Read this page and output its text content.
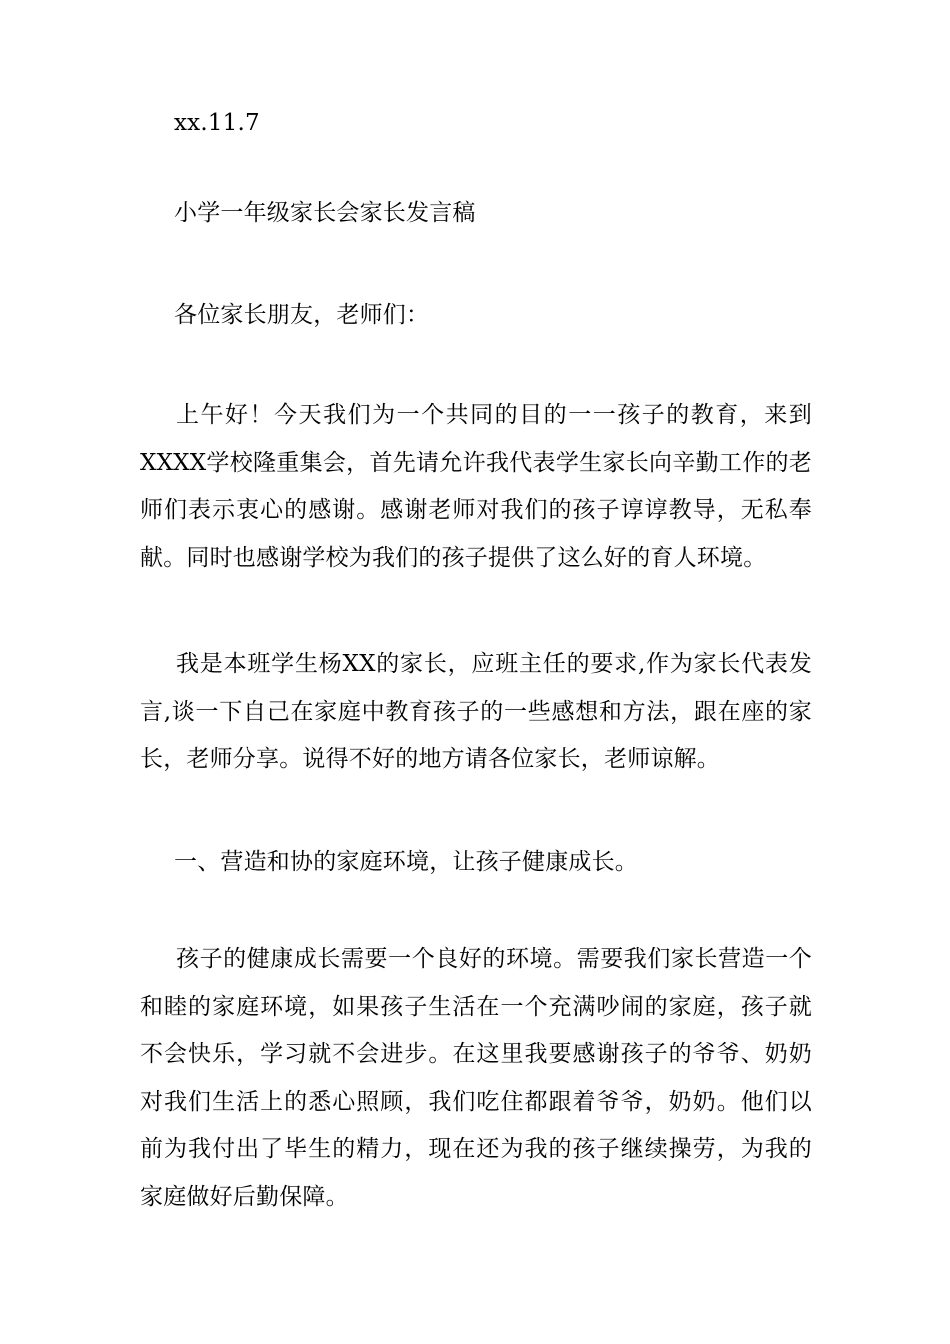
xx.11.7
小学一年级家长会家长发言稿
各位家长朋友，老师们：
上午好！今天我们为一个共同的目的一一孩子的教育，来到XXXX学校隆重集会，首先请允许我代表学生家长向辛勤工作的老师们表示衷心的感谢。感谢老师对我们的孩子谆谆教导，无私奉献。同时也感谢学校为我们的孩子提供了这么好的育人环境。
我是本班学生杨XX的家长，应班主任的要求,作为家长代表发言,谈一下自己在家庭中教育孩子的一些感想和方法，跟在座的家长，老师分享。说得不好的地方请各位家长，老师谅解。
一、营造和协的家庭环境，让孩子健康成长。
孩子的健康成长需要一个良好的环境。需要我们家长营造一个和睦的家庭环境，如果孩子生活在一个充满吵闹的家庭，孩子就不会快乐，学习就不会进步。在这里我要感谢孩子的爷爷、奶奶对我们生活上的悉心照顾，我们吃住都跟着爷爷，奶奶。他们以前为我付出了毕生的精力，现在还为我的孩子继续操劳，为我的家庭做好后勤保障。
